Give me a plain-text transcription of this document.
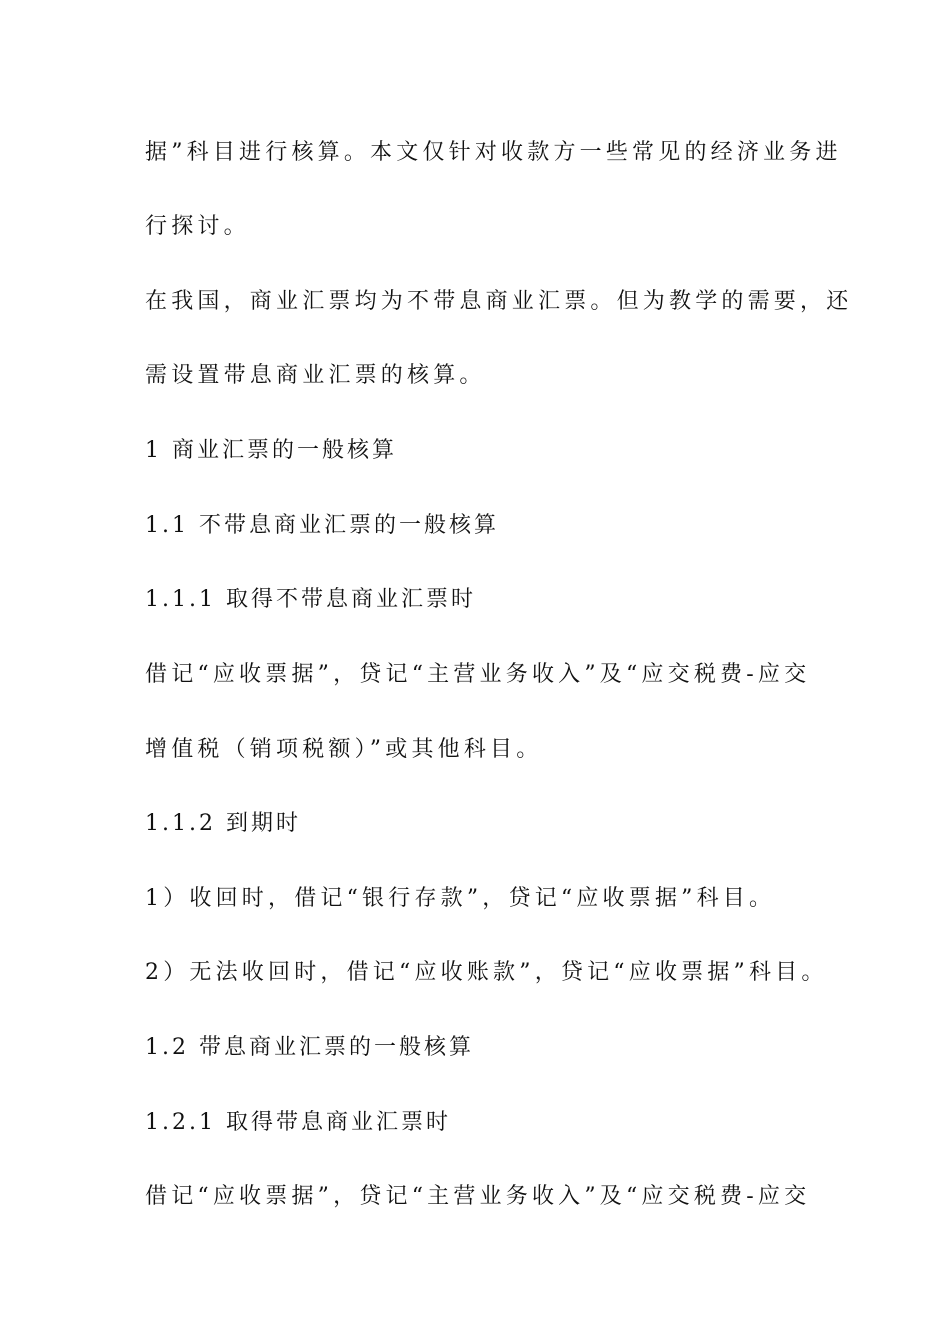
据”科目进行核算。本文仅针对收款方一些常见的经济业务进
行探讨。
在我国，商业汇票均为不带息商业汇票。但为教学的需要，还
需设置带息商业汇票的核算。
1 商业汇票的一般核算
1.1 不带息商业汇票的一般核算
1.1.1 取得不带息商业汇票时
借记“应收票据”，贷记“主营业务收入”及“应交税费-应交
增值税（销项税额）”或其他科目。
1.1.2 到期时
1）收回时，借记“银行存款”，贷记“应收票据”科目。
2）无法收回时，借记“应收账款”，贷记“应收票据”科目。
1.2 带息商业汇票的一般核算
1.2.1 取得带息商业汇票时
借记“应收票据”，贷记“主营业务收入”及“应交税费-应交
